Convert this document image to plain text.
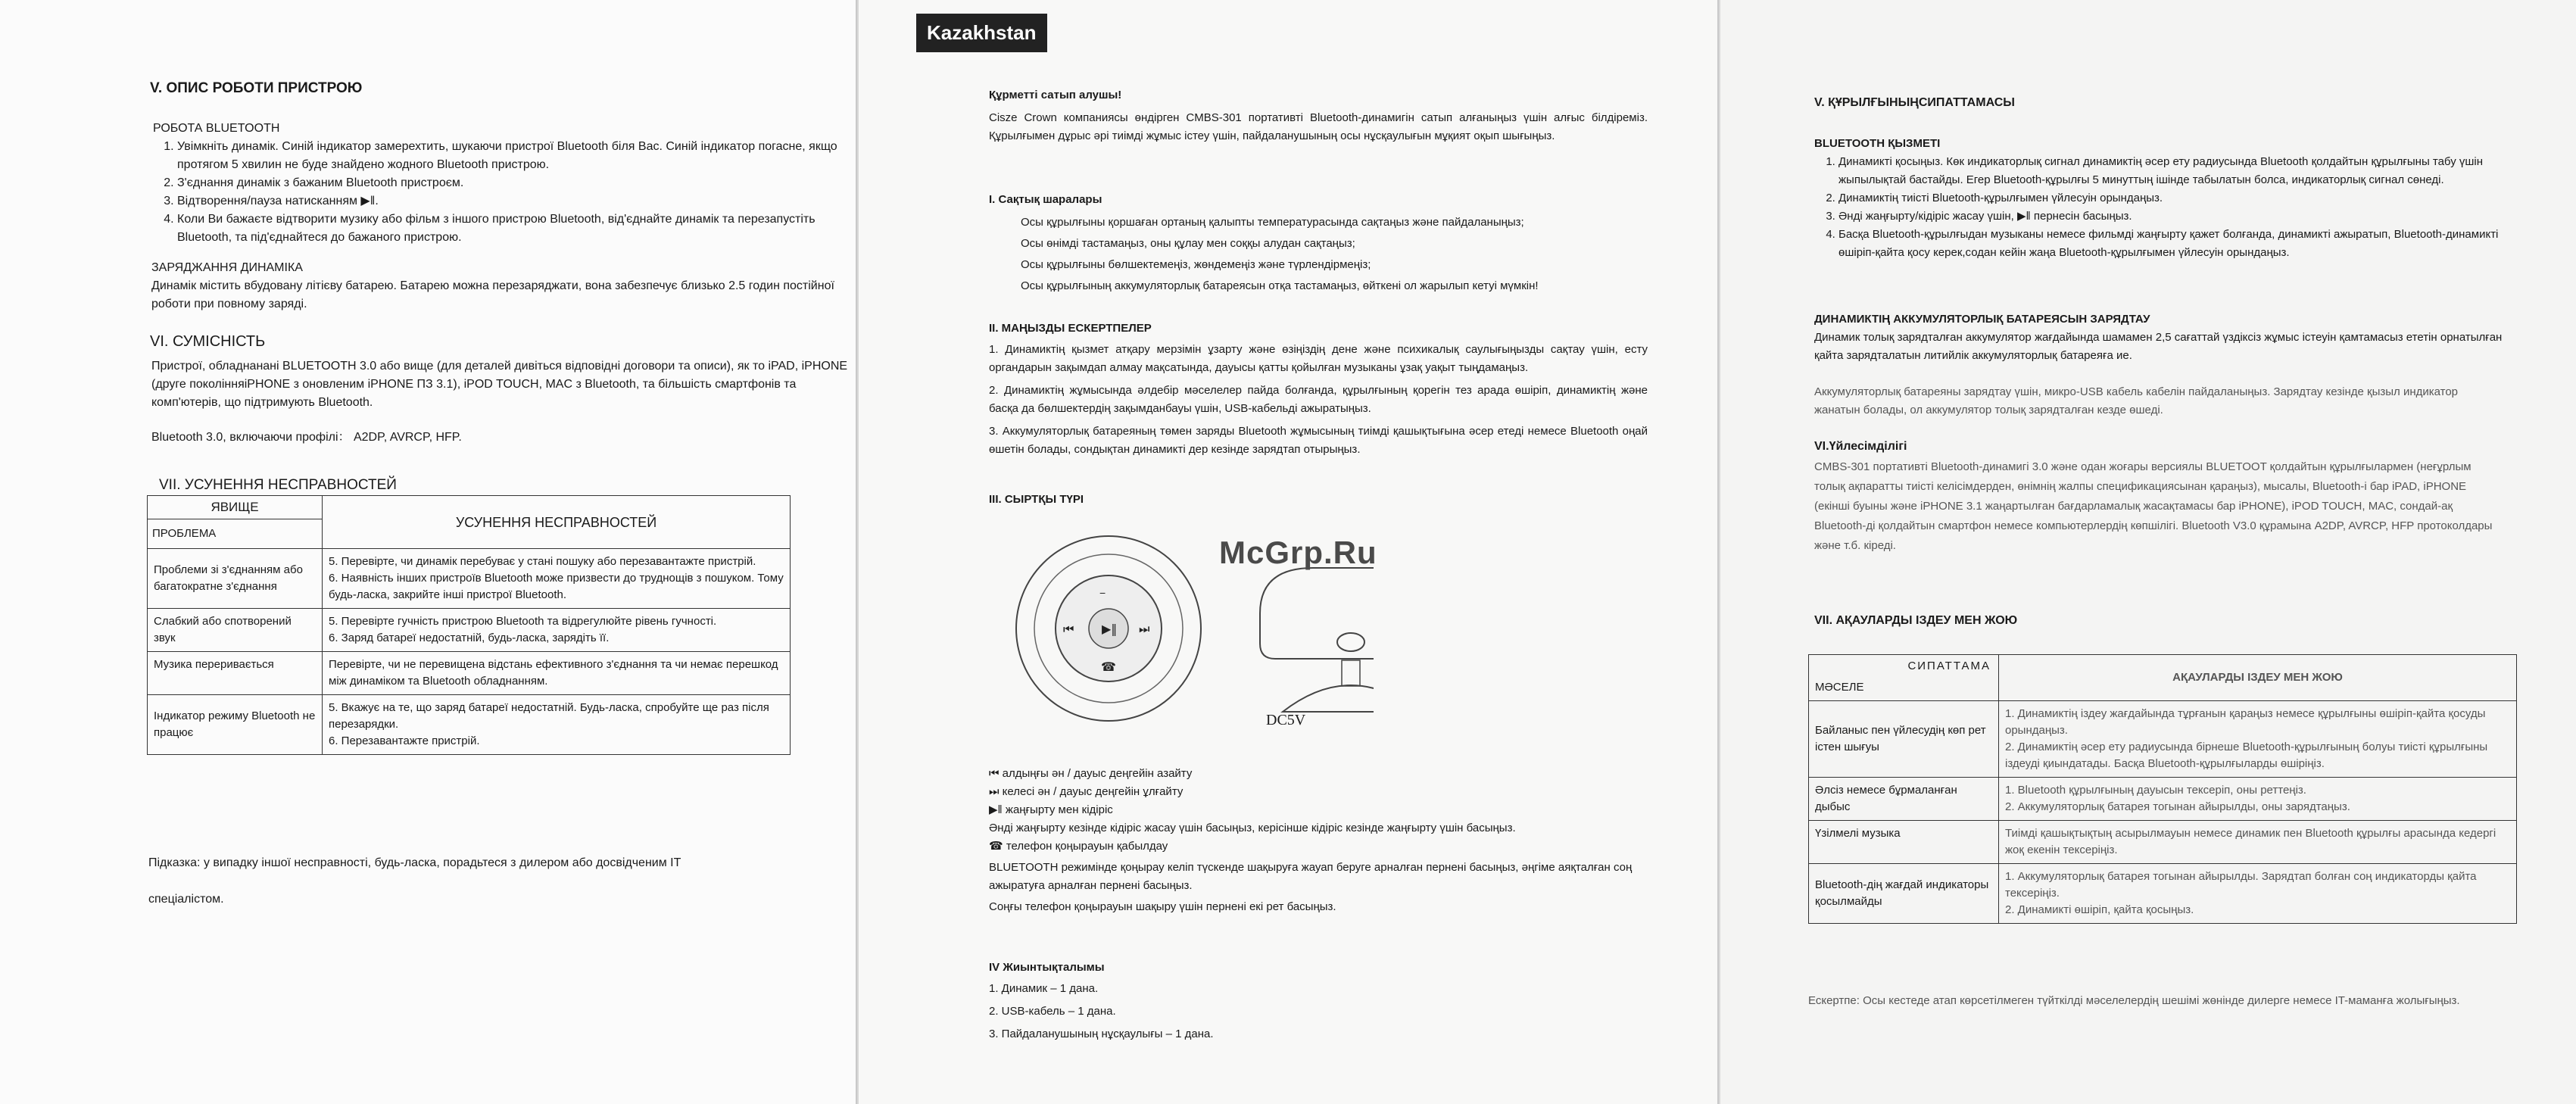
V. ОПИС РОБОТИ ПРИСТРОЮ
РОБОТА BLUETOOTH
1. Увімкніть динамік. Синій індикатор замерехтить, шукаючи пристрої Bluetooth біля Вас. Синій індикатор погасне, якщо протягом 5 хвилин не буде знайдено жодного Bluetooth пристрою.
2. З'єднання динамік з бажаним Bluetooth пристроєм.
3. Відтворення/пауза натисканням ▶‖.
4. Коли Ви бажаєте відтворити музику або фільм з іншого пристрою Bluetooth, від'єднайте динамік та перезапустіть Bluetooth, та під'єднайтеся до бажаного пристрою.
ЗАРЯДЖАННЯ ДИНАМІКА
Динамік містить вбудовану літієву батарею. Батарею можна перезаряджати, вона забезпечує близько 2.5 годин постійної роботи при повному заряді.
VI. СУМІСНІСТЬ
Пристрої, обладнанані BLUETOOTH 3.0 або вище (для деталей дивіться відповідні договори та описи), як то iPAD, iPHONE (друге поколінняiPHONE з оновленим iPHONE ПЗ 3.1), iPOD TOUCH, MAC з Bluetooth, та більшість смартфонів та комп'ютерів, що підтримують Bluetooth.
Bluetooth 3.0, включаючи профілі： A2DP, AVRCP, HFP.
VII. УСУНЕННЯ НЕСПРАВНОСТЕЙ
ЯВИЩЕ
ПРОБЛЕМА	УСУНЕННЯ НЕСПРАВНОСТЕЙ
Проблеми зі з'єднанням або багатократне з'єднання	5. Перевірте, чи динамік перебуває у стані пошуку або перезавантажте пристрій.
6. Наявність інших пристроїв Bluetooth може призвести до труднощів з пошуком. Тому будь-ласка, закрийте інші пристрої Bluetooth.

Слабкий або спотворений звук	5. Перевірте гучність пристрою Bluetooth та відрегулюйте рівень гучності.
6. Заряд батареї недостатній, будь-ласка, зарядіть її.

Музика переривається	Перевірте, чи не перевищена відстань ефективного з'єднання та чи немає перешкод між динаміком та Bluetooth обладнанням.
Індикатор режиму Bluetooth не працює	5. Вкажує на те, що заряд батареї недостатній. Будь-ласка, спробуйте ще раз після перезарядки.
6. Перезавантажте пристрій.
Підказка: у випадку іншої несправності, будь-ласка, порадьтеся з дилером або досвідченим IT
спеціалістом.
Kazakhstan
Құрметті сатып алушы!
Cisze Crown компаниясы өндірген CMBS-301 портативті Bluetooth-динамигін сатып алғаныңыз үшін алғыс білдіреміз. Құрылғымен дұрыс әрі тиімді жұмыс істеу үшін, пайдаланушының осы нұсқаулығын мұқият оқып шығыңыз.
I. Сақтық шаралары
Осы құрылғыны қоршаған ортаның қалыпты температурасында сақтаңыз және пайдаланыңыз;
Осы өнімді тастамаңыз, оны құлау мен соққы алудан сақтаңыз;
Осы құрылғыны бөлшектемеңіз, жөндемеңіз және түрлендірмеңіз;
Осы құрылғының аккумуляторлық батареясын отқа тастамаңыз, өйткені ол жарылып кетуі мүмкін!
II. МАҢЫЗДЫ ЕСКЕРТПЕЛЕР
1. Динамиктің қызмет атқару мерзімін ұзарту және өзіңіздің дене және психикалық саулығыңызды сақтау үшін, есту органдарын зақымдап алмау мақсатында, дауысы қатты қойылған музыканы ұзақ уақыт тыңдамаңыз.
2. Динамиктің жұмысында әлдебір мәселелер пайда болғанда, құрылғының қорегін тез арада өшіріп, динамиктің және басқа да бөлшектердің зақымданбауы үшін, USB-кабельді ажыратыңыз.
3. Аккумуляторлық батареяның төмен заряды Bluetooth жұмысының тиімді қашықтығына әсер етеді немесе Bluetooth оңай өшетін болады, сондықтан динамикті дер кезінде зарядтап отырыңыз.
III. СЫРТҚЫ ТҮРІ
▶‖
⏮	⏭
−
☎
DC5V
⏮ алдыңғы ән / дауыс деңгейін азайту
⏭ келесі ән / дауыс деңгейін ұлғайту
▶‖ жаңғырту мен кідіріс
Әнді жаңғырту кезінде кідіріс жасау үшін басыңыз, керісінше кідіріс кезінде жаңғырту үшін басыңыз.
☎ телефон қоңырауын қабылдау
BLUETOOTH режимінде қоңырау келіп түскенде шақыруға жауап беруге арналған пернені басыңыз, әңгіме аяқталған соң ажыратуға арналған пернені басыңыз.
Соңғы телефон қоңырауын шақыру үшін пернені екі рет басыңыз.
IV Жиынтықталымы
1. Динамик – 1 дана.
2. USB-кабель – 1 дана.
3. Пайдаланушының нұсқаулығы – 1 дана.
McGrp.Ru
V. ҚҰРЫЛҒЫНЫҢСИПАТТАМАСЫ
BLUETOOTH ҚЫЗМЕТІ
1. Динамикті қосыңыз. Көк индикаторлық сигнал динамиктің әсер ету радиусында Bluetooth қолдайтын құрылғыны табу үшін жыпылықтай бастайды. Егер Bluetooth-құрылғы 5 минуттың ішінде табылатын болса, индикаторлық сигнал сөнеді.
2. Динамиктің тиісті Bluetooth-құрылғымен үйлесуін орындаңыз.
3. Әнді жаңғырту/кідіріс жасау үшін, ▶‖ пернесін басыңыз.
4. Басқа Bluetooth-құрылғыдан музыканы немесе фильмді жаңғырту қажет болғанда, динамикті ажыратып, Bluetooth-динамикті өшіріп-қайта қосу керек,содан кейін жаңа Bluetooth-құрылғымен үйлесуін орындаңыз.
ДИНАМИКТІҢ АККУМУЛЯТОРЛЫҚ БАТАРЕЯСЫН ЗАРЯДТАУ
Динамик толық зарядталған аккумулятор жағдайында шамамен 2,5 сағаттай үздіксіз жұмыс істеуін қамтамасыз ететін орнатылған қайта зарядталатын литийлік аккумуляторлық батареяға ие.
Аккумуляторлық батареяны зарядтау үшін, микро-USB кабель кабелін пайдаланыңыз. Зарядтау кезінде қызыл индикатор жанатын болады, ол аккумулятор толық зарядталған кезде өшеді.
VI.Үйлесімділігі
CMBS-301 портативті Bluetooth-динамигі 3.0 және одан жоғары версиялы BLUETOOT қолдайтын құрылғылармен (неғұрлым толық ақпаратты тиісті келісімдерден, өнімнің жалпы спецификациясынан қараңыз), мысалы, Bluetooth-і бар iPAD, iPHONE (екінші буыны және iPHONE 3.1 жаңартылған бағдарламалық жасақтамасы бар iPHONE), iPOD TOUCH, MAC, сондай-ақ Bluetooth-ді қолдайтын смартфон немесе компьютерлердің көпшілігі. Bluetooth V3.0 құрамына A2DP, AVRCP, HFP протоколдары және т.б. кіреді.
VII. АҚАУЛАРДЫ ІЗДЕУ МЕН ЖОЮ
СИПАТТАМА
МӘСЕЛЕ	АҚАУЛАРДЫ ІЗДЕУ МЕН ЖОЮ
Байланыс пен үйлесудің көп рет істен шығуы	1. Динамиктің іздеу жағдайында тұрғанын қараңыз немесе құрылғыны өшіріп-қайта қосуды орындаңыз.
2. Динамиктің әсер ету радиусында бірнеше Bluetooth-құрылғының болуы тиісті құрылғыны іздеуді қиындатады. Басқа Bluetooth-құрылғыларды өшіріңіз.

Әлсіз немесе бұрмаланған дыбыс	1. Bluetooth құрылғының дауысын тексеріп, оны реттеңіз.
2. Аккумуляторлық батарея тогынан айырылды, оны зарядтаңыз.

Үзілмелі музыка	Тиімді қашықтықтың асырылмауын немесе динамик пен Bluetooth құрылғы арасында кедергі жоқ екенін тексеріңіз.
Bluetooth-дің жағдай индикаторы қосылмайды	1. Аккумуляторлық батарея тогынан айырылды. Зарядтап болған соң индикаторды қайта тексеріңіз.
2. Динамикті өшіріп, қайта қосыңыз.
Ескертпе: Осы кестеде атап көрсетілмеген түйткілді мәселелердің шешімі жөнінде дилерге немесе IT-маманға жолығыңыз.
